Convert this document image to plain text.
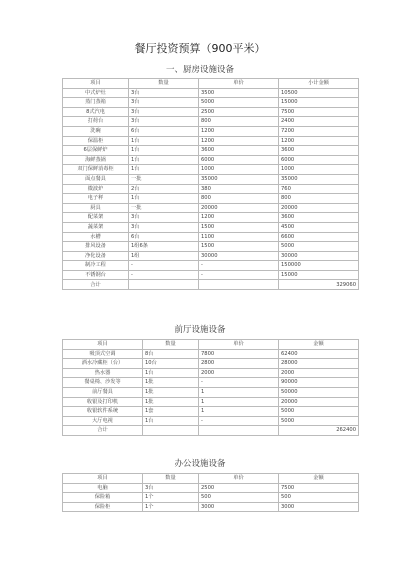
餐厅投资预算（900平米）
一、厨房设施设备
项目	数量	单价	小计金额
中式炉灶	3台	3500	10500
蒸门蒸箱	3台	5000	15000
8式汽电	3台	2500	7500
打荷台	3台	800	2400
洗碗	6台	1200	7200
保温柜	1台	1200	1200
6层保鲜炉	1台	3600	3600
海鲜蒸锅	1台	6000	6000
双门保鲜消毒柜	1台	1000	1000
面点餐具	一批	35000	35000
微波炉	2台	380	760
电子秤	1台	800	800
厨具	一批	20000	20000
配菜架	3台	1200	3600
蔬菜架	3台	1500	4500
水槽	6台	1100	6600
排风设备	1组6条	1500	5000
净化设备	1组	30000	30000
制冷工程	-	-	150000
不锈钢台	-	-	15000
合计			329060
前厅设施设备
项目	数量	单价	金额
吸顶式空调	8台	7800	62400
酒水冷藏柜（台）	10台	2800	28000
热水器	1台	2000	2000
餐桌椅、沙发等	1批	-	90000
前厅餐具	1批	1	50000
收银及打印机	1批	1	20000
收银软件系统	1套	1	5000
大厅电视	1台	-	5000
合计			262400
办公设施设备
项目	数量	单价	金额
电脑	3台	2500	7500
保险箱	1个	500	500
保险柜	1个	3000	3000
